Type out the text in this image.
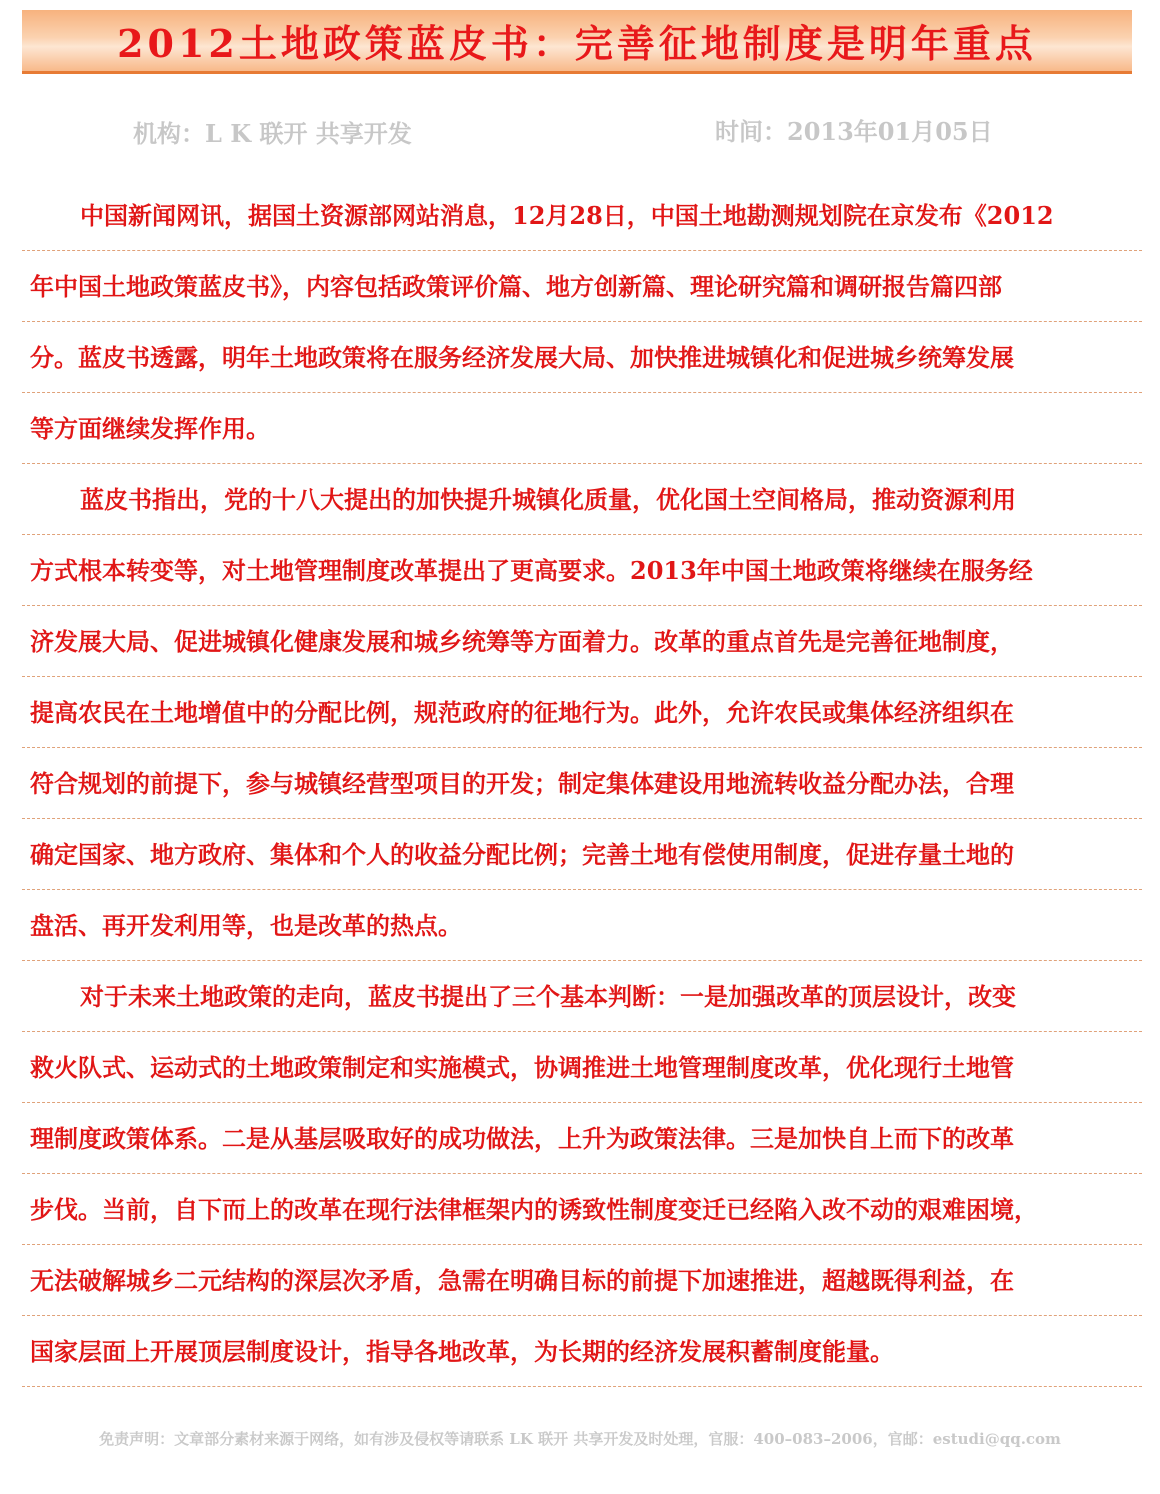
2012土地政策蓝皮书：完善征地制度是明年重点
机构：L K 联开 共享开发	时间：2013年01月05日
中国新闻网讯，据国土资源部网站消息，12月28日，中国土地勘测规划院在京发布《2012
年中国土地政策蓝皮书》，内容包括政策评价篇、地方创新篇、理论研究篇和调研报告篇四部
分。蓝皮书透露，明年土地政策将在服务经济发展大局、加快推进城镇化和促进城乡统筹发展
等方面继续发挥作用。
蓝皮书指出，党的十八大提出的加快提升城镇化质量，优化国土空间格局，推动资源利用
方式根本转变等，对土地管理制度改革提出了更高要求。2013年中国土地政策将继续在服务经
济发展大局、促进城镇化健康发展和城乡统筹等方面着力。改革的重点首先是完善征地制度，
提高农民在土地增值中的分配比例，规范政府的征地行为。此外，允许农民或集体经济组织在
符合规划的前提下，参与城镇经营型项目的开发；制定集体建设用地流转收益分配办法，合理
确定国家、地方政府、集体和个人的收益分配比例；完善土地有偿使用制度，促进存量土地的
盘活、再开发利用等，也是改革的热点。
对于未来土地政策的走向，蓝皮书提出了三个基本判断：一是加强改革的顶层设计，改变
救火队式、运动式的土地政策制定和实施模式，协调推进土地管理制度改革，优化现行土地管
理制度政策体系。二是从基层吸取好的成功做法，上升为政策法律。三是加快自上而下的改革
步伐。当前，自下而上的改革在现行法律框架内的诱致性制度变迁已经陷入改不动的艰难困境，
无法破解城乡二元结构的深层次矛盾，急需在明确目标的前提下加速推进，超越既得利益，在
国家层面上开展顶层制度设计，指导各地改革，为长期的经济发展积蓄制度能量。
免责声明：文章部分素材来源于网络，如有涉及侵权等请联系 LK 联开 共享开发及时处理，官服：400–083–2006，官邮：estudi@qq.com
